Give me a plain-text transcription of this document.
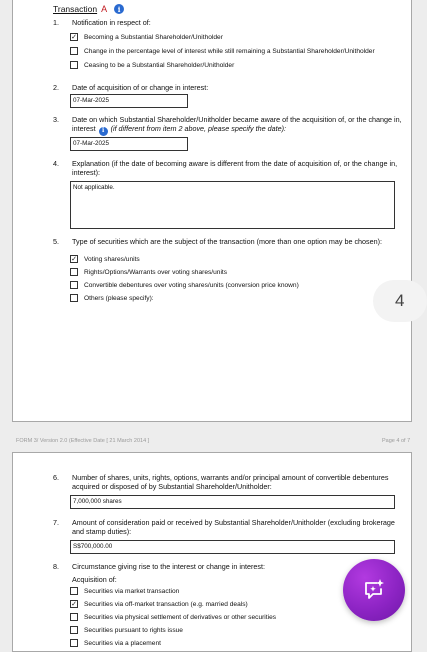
Transaction A	i
1. Notification in respect of:
✓ Becoming a Substantial Shareholder/Unitholder
Change in the percentage level of interest while still remaining a Substantial Shareholder/Unitholder
Ceasing to be a Substantial Shareholder/Unitholder
2. Date of acquisition of or change in interest:
07-Mar-2025
3. Date on which Substantial Shareholder/Unitholder became aware of the acquisition of, or the change in, interest i (if different from item 2 above, please specify the date):
07-Mar-2025
4. Explanation (if the date of becoming aware is different from the date of acquisition of, or the change in, interest):
Not applicable.
5. Type of securities which are the subject of the transaction (more than one option may be chosen):
✓ Voting shares/units
Rights/Options/Warrants over voting shares/units
Convertible debentures over voting shares/units (conversion price known)
Others (please specify):
FORM 3/ Version 2.0 (Effective Date [ 21 March 2014 ]	Page 4 of 7
6. Number of shares, units, rights, options, warrants and/or principal amount of convertible debentures acquired or disposed of by Substantial Shareholder/Unitholder:
7,000,000 shares
7. Amount of consideration paid or received by Substantial Shareholder/Unitholder (excluding brokerage and stamp duties):
S$700,000.00
8. Circumstance giving rise to the interest or change in interest:
Acquisition of:
Securities via market transaction
✓ Securities via off-market transaction (e.g. married deals)
Securities via physical settlement of derivatives or other securities
Securities pursuant to rights issue
Securities via a placement
4
